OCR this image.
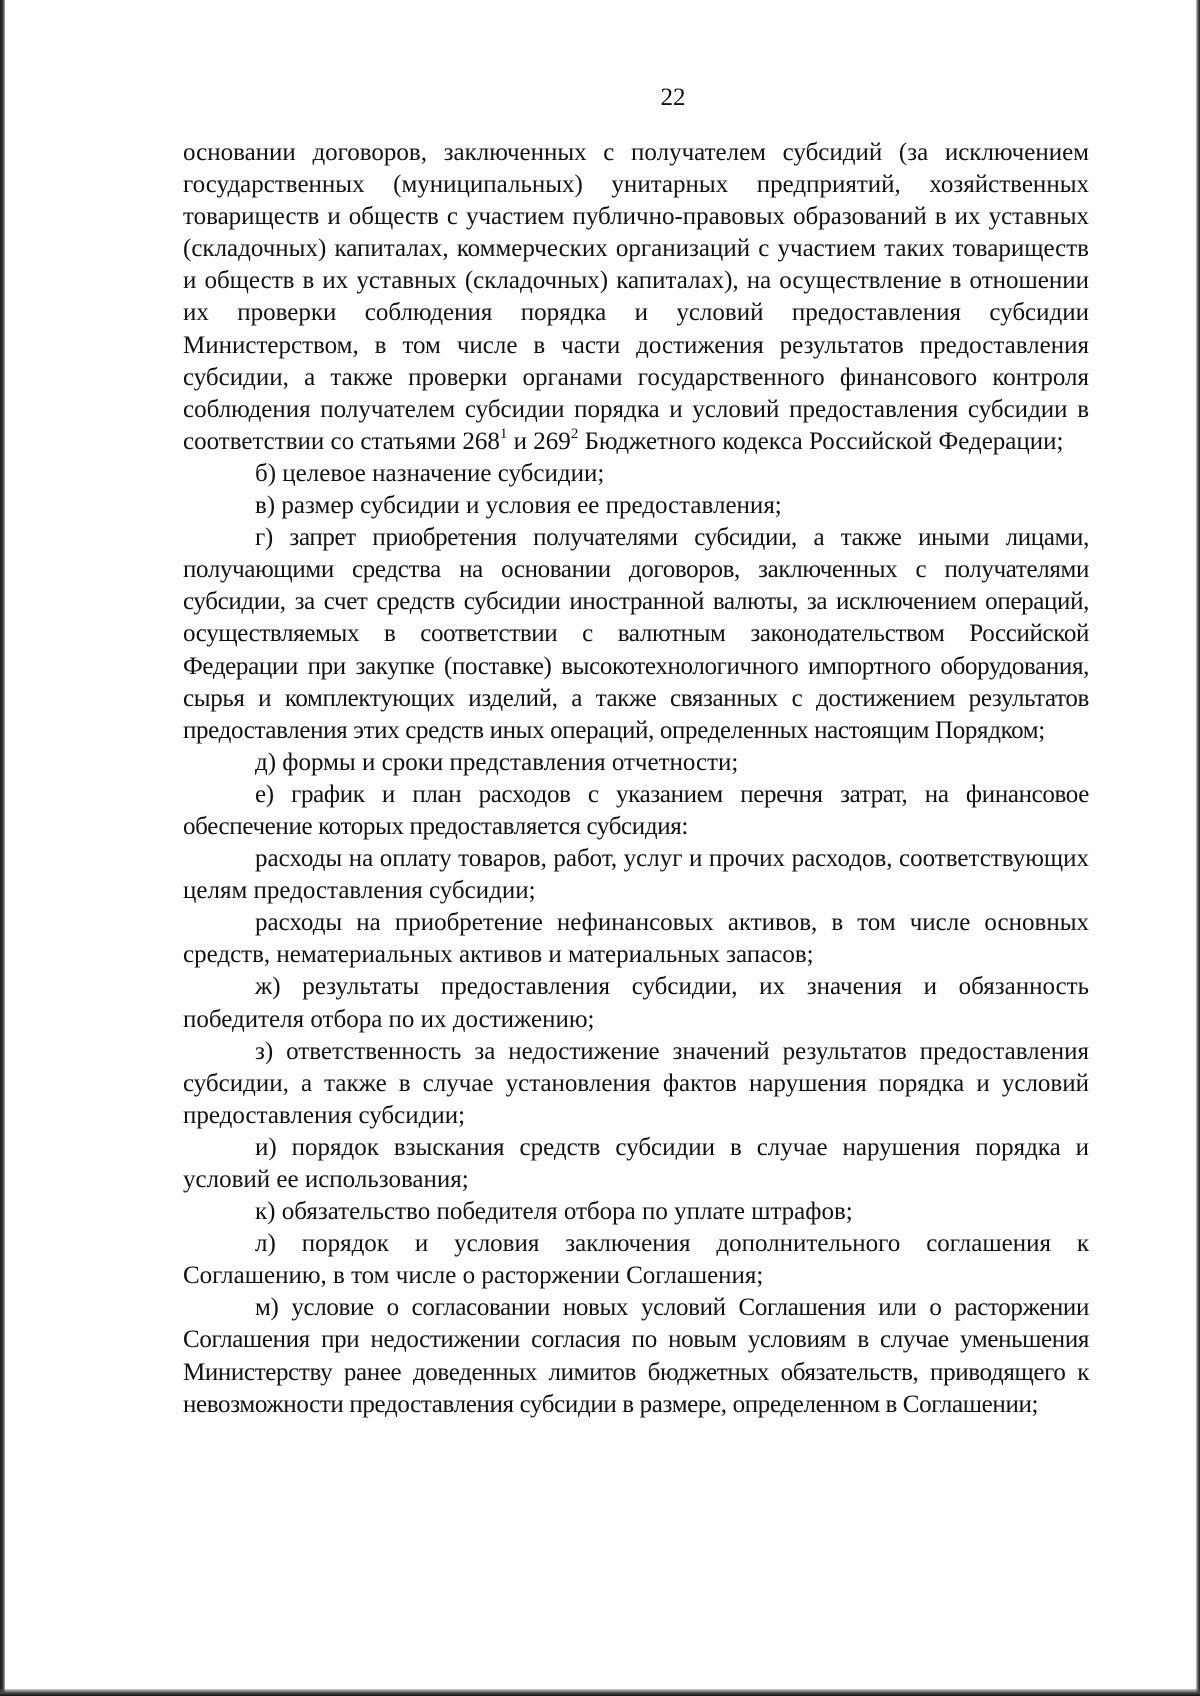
22

основании договоров, заключенных с получателем субсидий (за исключением государственных (муниципальных) унитарных предприятий, хозяйственных товариществ и обществ с участием публично-правовых образований в их уставных (складочных) капиталах, коммерческих организаций с участием таких товариществ и обществ в их уставных (складочных) капиталах), на осуществление в отношении их проверки соблюдения порядка и условий предоставления субсидии Министерством, в том числе в части достижения результатов предоставления субсидии, а также проверки органами государственного финансового контроля соблюдения получателем субсидии порядка и условий предоставления субсидии в соответствии со статьями $268^1$ и $269^2$ Бюджетного кодекса Российской Федерации;

б) целевое назначение субсидии;

в) размер субсидии и условия ее предоставления;

г) запрет приобретения получателями субсидии, а также иными лицами, получающими средства на основании договоров, заключенных с получателями субсидии, за счет средств субсидии иностранной валюты, за исключением операций, осуществляемых в соответствии с валютным законодательством Российской Федерации при закупке (поставке) высокотехнологичного импортного оборудования, сырья и комплектующих изделий, а также связанных с достижением результатов предоставления этих средств иных операций, определенных настоящим Порядком;

д) формы и сроки представления отчетности;

е) график и план расходов с указанием перечня затрат, на финансовое обеспечение которых предоставляется субсидия:

расходы на оплату товаров, работ, услуг и прочих расходов, соответствующих целям предоставления субсидии;

расходы на приобретение нефинансовых активов, в том числе основных средств, нематериальных активов и материальных запасов;

ж) результаты предоставления субсидии, их значения и обязанность победителя отбора по их достижению;

з) ответственность за недостижение значений результатов предоставления субсидии, а также в случае установления фактов нарушения порядка и условий предоставления субсидии;

и) порядок взыскания средств субсидии в случае нарушения порядка и условий ее использования;

к) обязательство победителя отбора по уплате штрафов;

л) порядок и условия заключения дополнительного соглашения к Соглашению, в том числе о расторжении Соглашения;

м) условие о согласовании новых условий Соглашения или о расторжении Соглашения при недостижении согласия по новым условиям в случае уменьшения Министерству ранее доведенных лимитов бюджетных обязательств, приводящего к невозможности предоставления субсидии в размере, определенном в Соглашении;
